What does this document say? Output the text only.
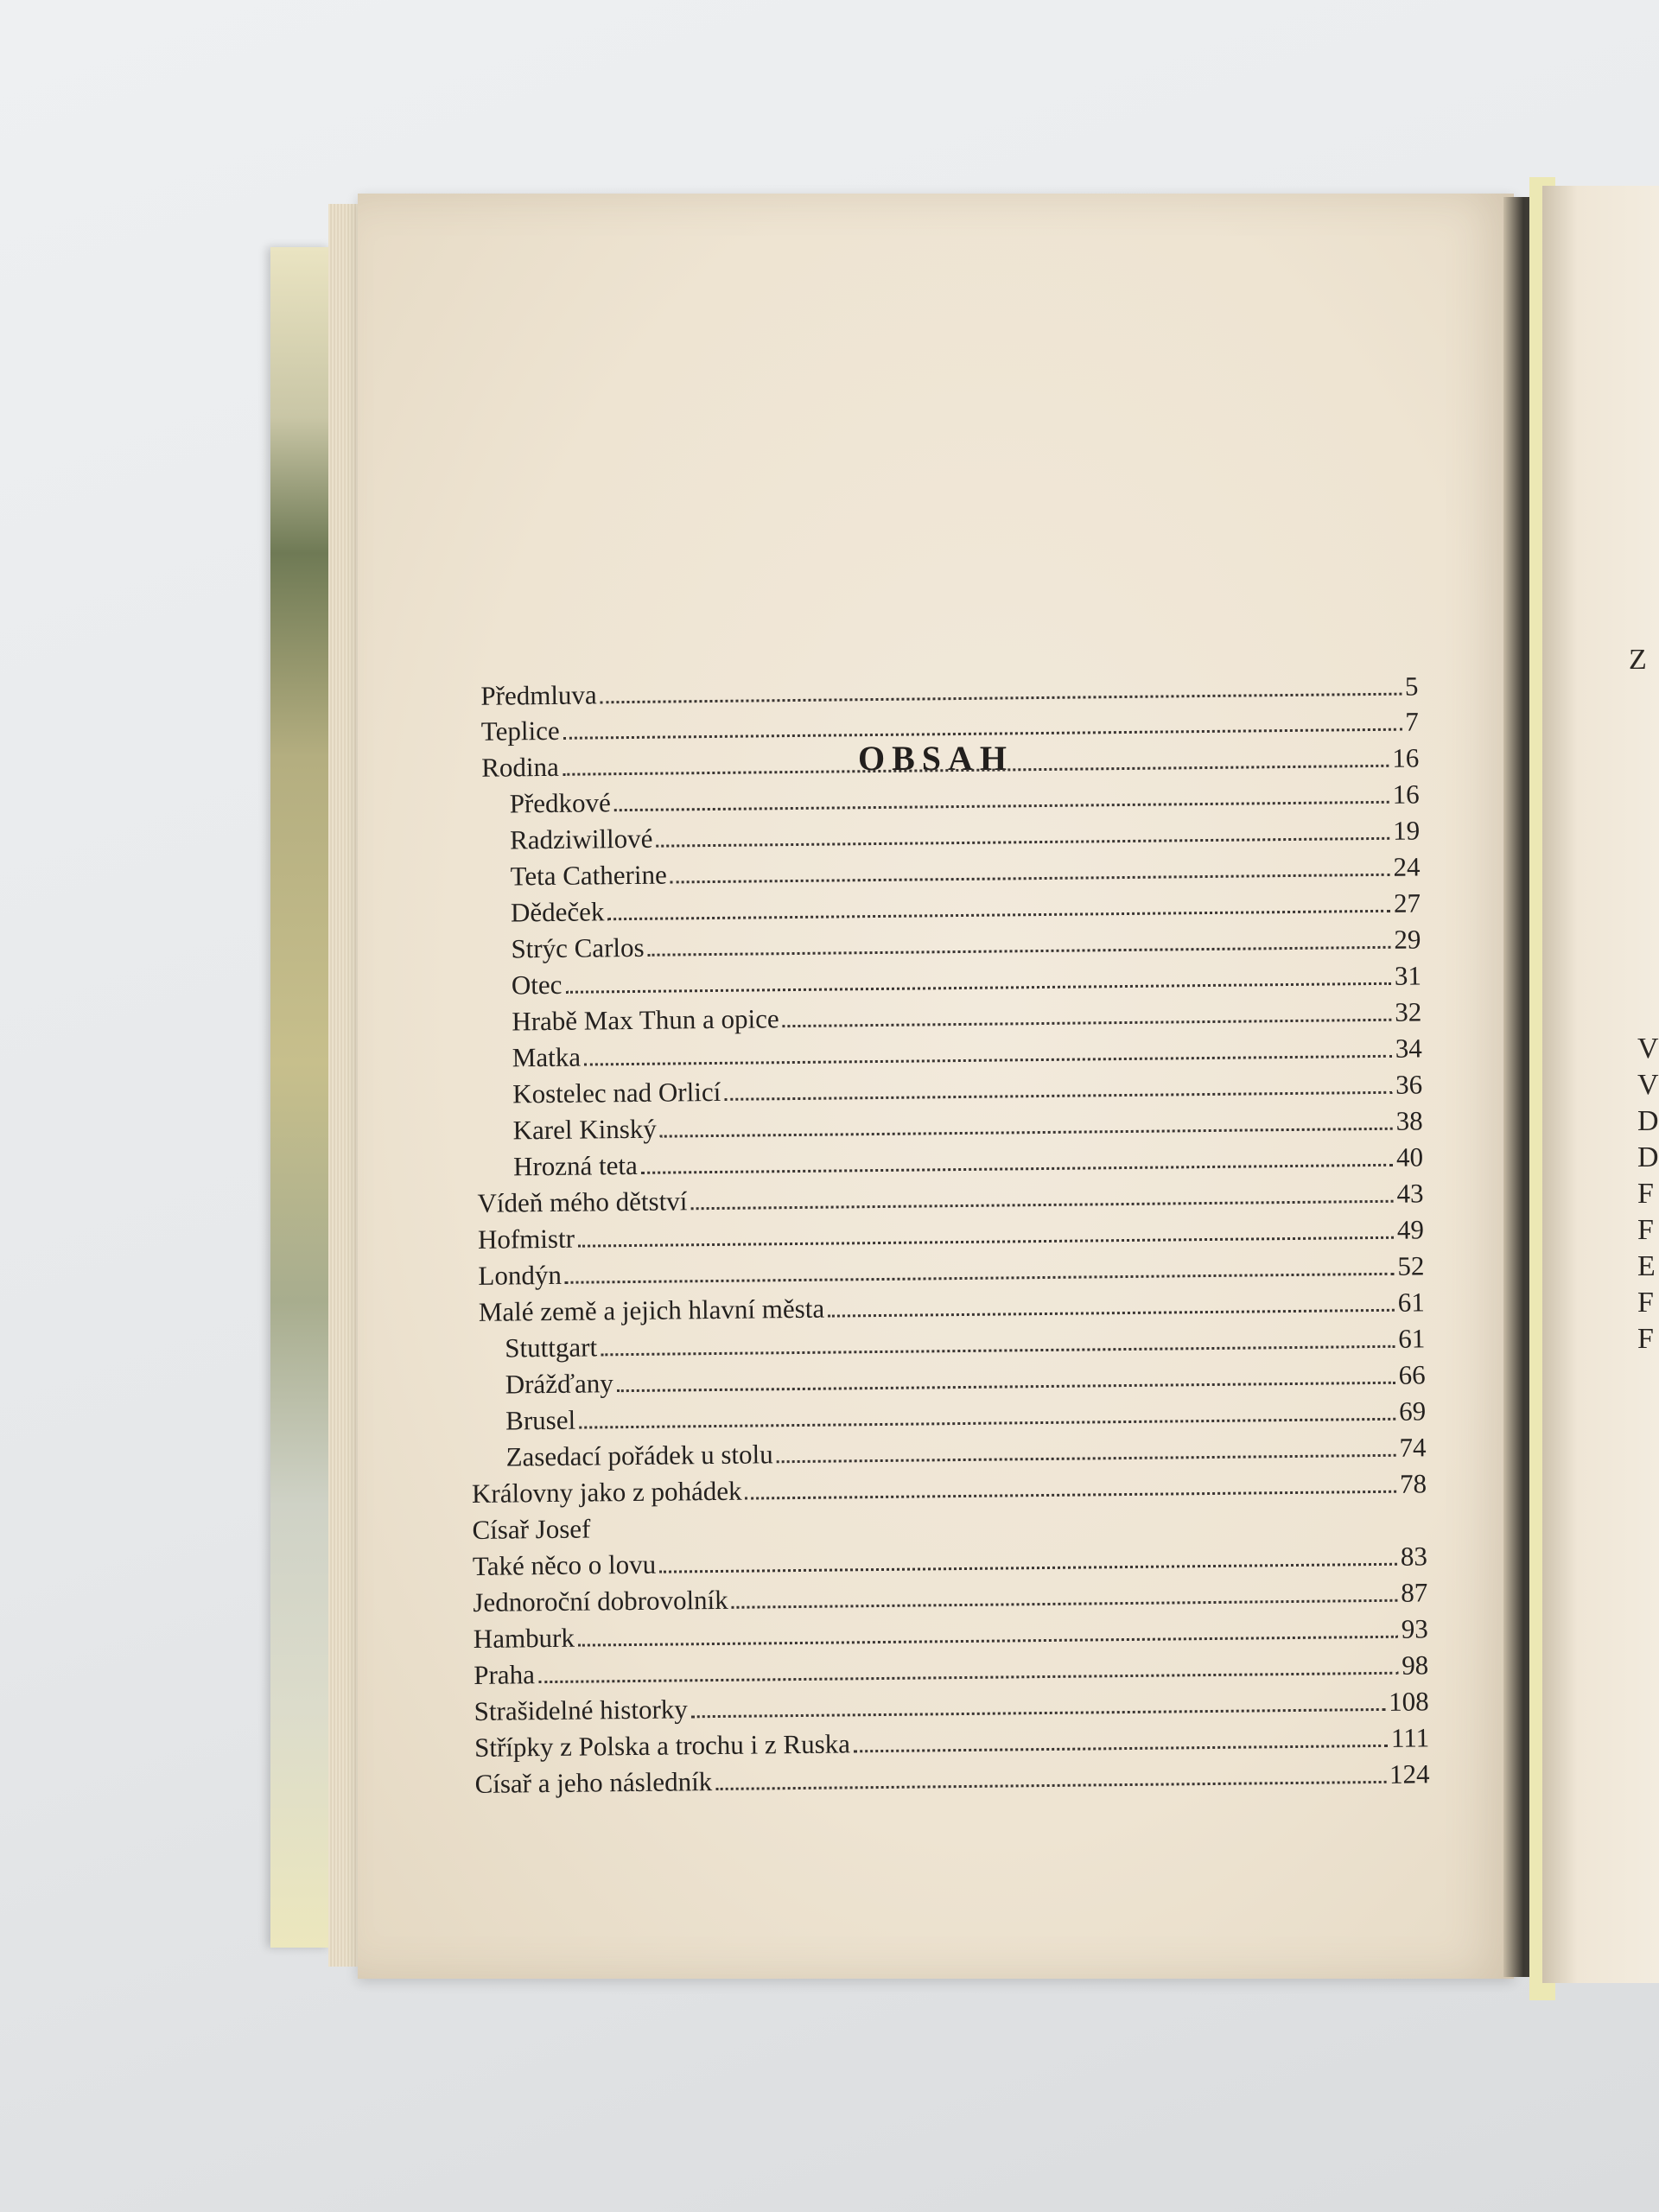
OBSAH
Předmluva	5
Teplice	7
Rodina	16
Předkové	16
Radziwillové	19
Teta Catherine	24
Dědeček	27
Strýc Carlos	29
Otec	31
Hrabě Max Thun a opice	32
Matka	34
Kostelec nad Orlicí	36
Karel Kinský	38
Hrozná teta	40
Vídeň mého dětství	43
Hofmistr	49
Londýn	52
Malé země a jejich hlavní města	61
Stuttgart	61
Drážďany	66
Brusel	69
Zasedací pořádek u stolu	74
Královny jako z pohádek	78
Císař Josef
Také něco o lovu	83
Jednoroční dobrovolník	87
Hamburk	93
Praha	98
Strašidelné historky	108
Střípky z Polska a trochu i z Ruska	111
Císař a jeho následník	124
Z
V
V
D
D
F
F
E
F
F
